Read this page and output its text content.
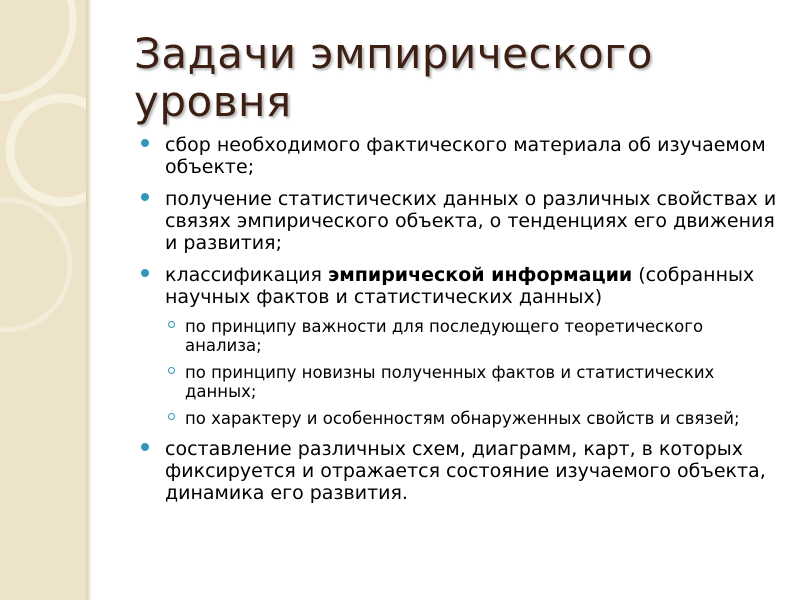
Задачи эмпирического уровня
сбор необходимого фактического материала об изучаемом объекте;
получение статистических данных о различных свойствах и связях эмпирического объекта, о тенденциях его движения и развития;
классификация эмпирической информации (собранных научных фактов и статистических данных)
по принципу важности для последующего теоретического анализа;
по принципу новизны полученных фактов и статистических данных;
по характеру и особенностям обнаруженных свойств и связей;
составление различных схем, диаграмм, карт, в которых фиксируется и отражается состояние изучаемого объекта, динамика его развития.
